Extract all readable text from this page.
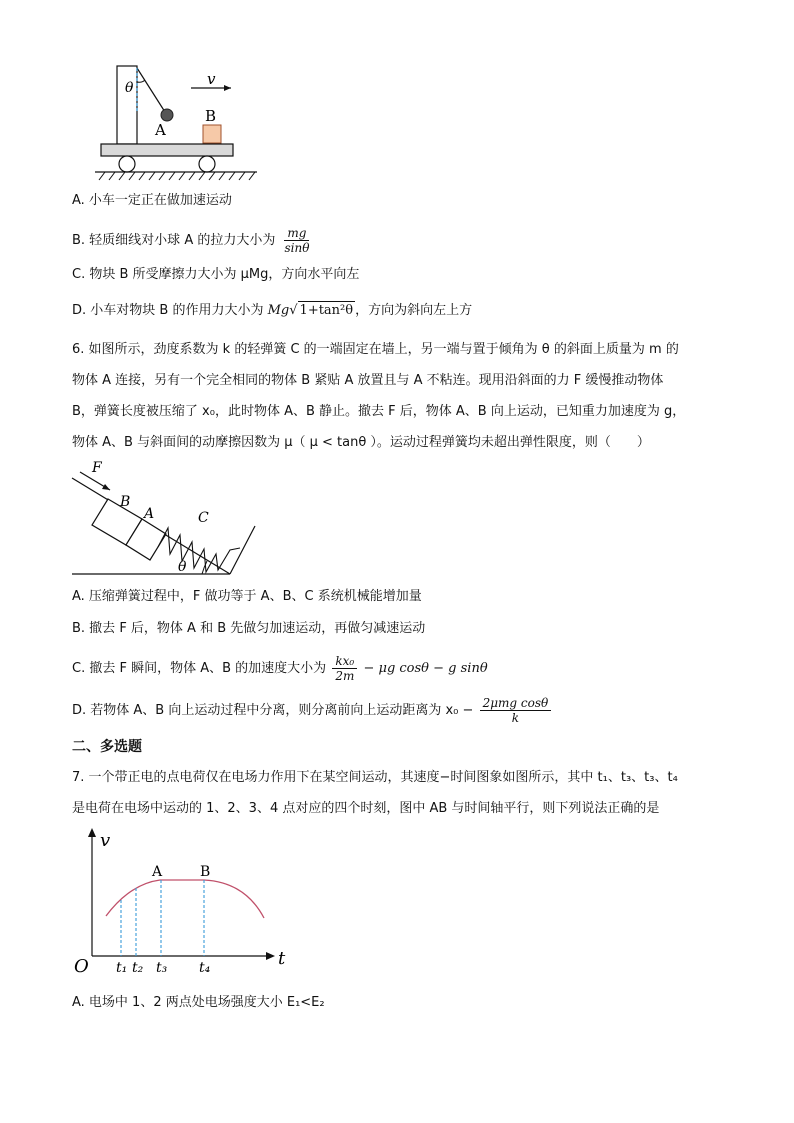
v
θ
A
B
A. 小车一定正在做加速运动
B. 轻质细线对小球 A 的拉力大小为 $\frac{mg}{\sin\theta}$
C. 物块 B 所受摩擦力大小为 μMg，方向水平向左
D. 小车对物块 B 的作用力大小为 Mg√ 1+tan²θ ，方向为斜向左上方
6. 如图所示，劲度系数为 k 的轻弹簧 C 的一端固定在墙上，另一端与置于倾角为 θ 的斜面上质量为 m 的
物体 A 连接，另有一个完全相同的物体 B 紧贴 A 放置且与 A 不粘连。现用沿斜面的力 F 缓慢推动物体
B，弹簧长度被压缩了 x₀，此时物体 A、B 静止。撤去 F 后，物体 A、B 向上运动，已知重力加速度为 g，
物体 A、B 与斜面间的动摩擦因数为 μ（ μ < tanθ ）。运动过程弹簧均未超出弹性限度，则（　　）
θ
B
A	C
F
A. 压缩弹簧过程中，F 做功等于 A、B、C 系统机械能增加量
B. 撤去 F 后，物体 A 和 B 先做匀加速运动，再做匀减速运动
C. 撤去 F 瞬间，物体 A、B 的加速度大小为 $\frac{\text{kx₀}}{2m} - \mu g$ cosθ − g sinθ
D. 若物体 A、B 向上运动过程中分离，则分离前向上运动距离为 $x_0 - \frac{\text{2μmg cosθ}}{k}$
二、多选题
7. 一个带正电的点电荷仅在电场力作用下在某空间运动，其速度−时间图象如图所示，其中 t₁、t₃、t₃、t₄
是电荷在电场中运动的 1、2、3、4 点对应的四个时刻，图中 AB 与时间轴平行，则下列说法正确的是
v
t
O
A	B
t₁ t₂ t₃ t₄
A. 电场中 1、2 两点处电场强度大小 E₁<E₂
